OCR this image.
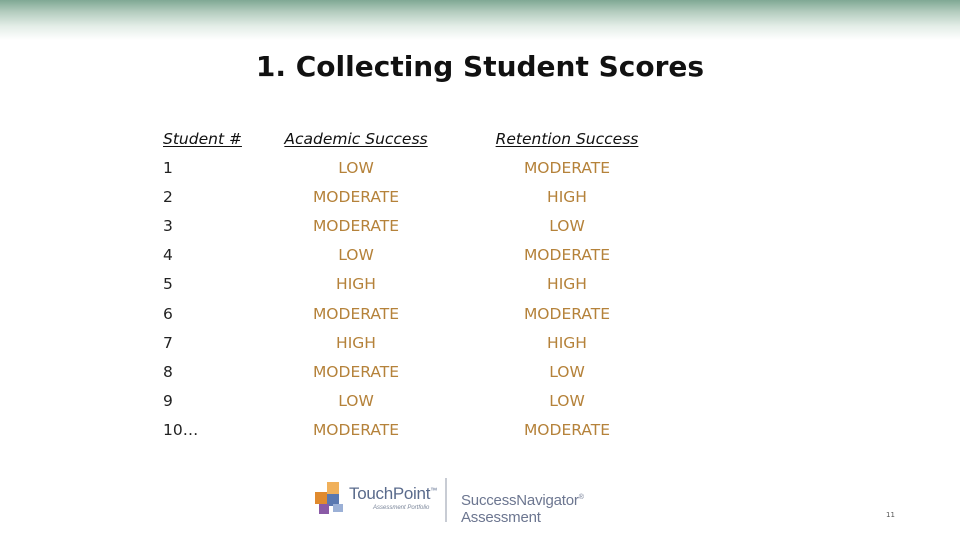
1. Collecting Student Scores
Student #	Academic Success	Retention Success
1	LOW	MODERATE
2	MODERATE	HIGH
3	MODERATE	LOW
4	LOW	MODERATE
5	HIGH	HIGH
6	MODERATE	MODERATE
7	HIGH	HIGH
8	MODERATE	LOW
9	LOW	LOW
10…	MODERATE	MODERATE
TouchPoint™
Assessment Portfolio SuccessNavigator® Assessment	11
